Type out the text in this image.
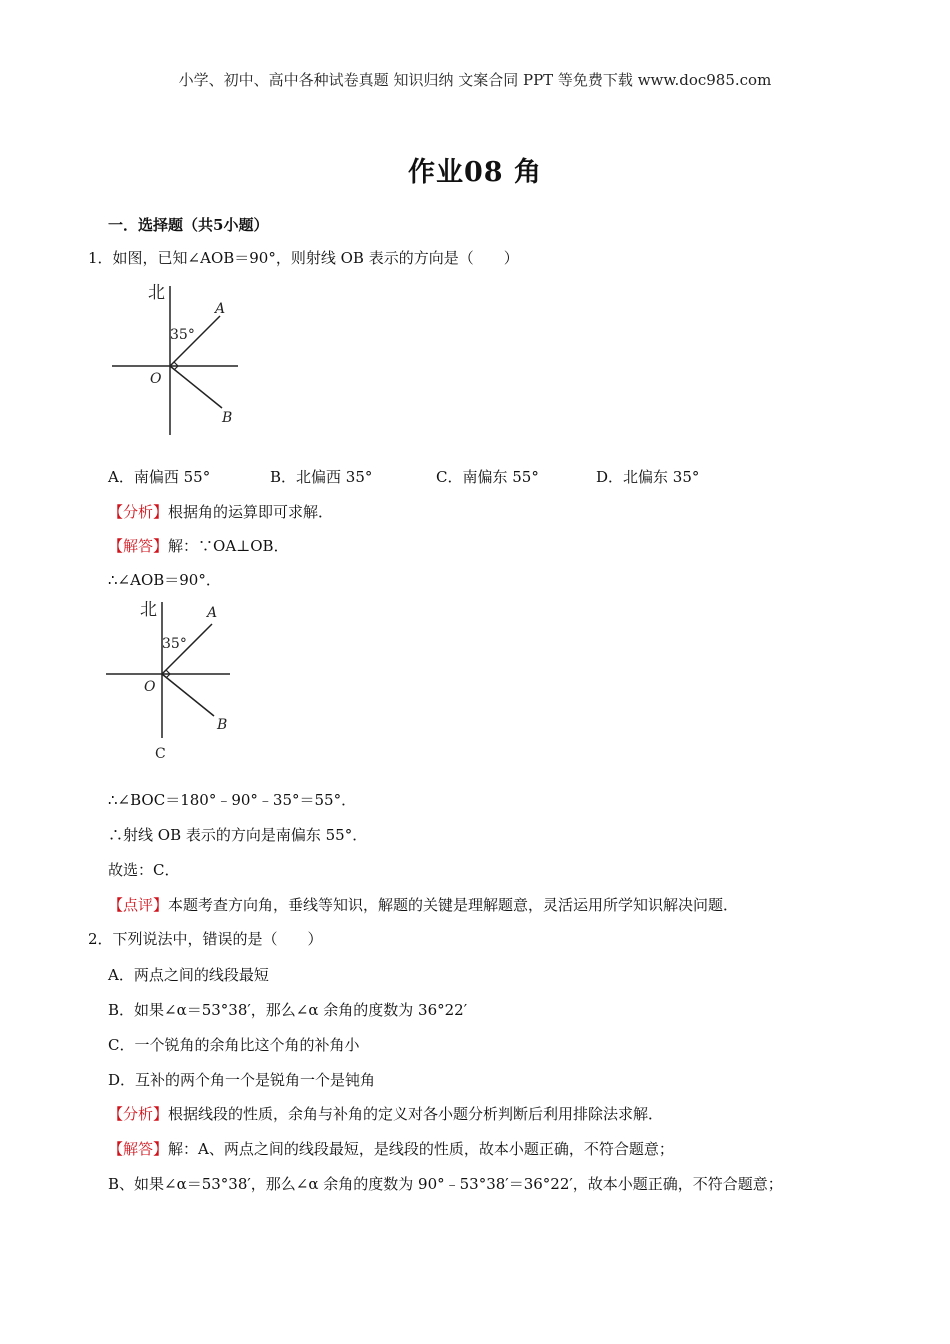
小学、初中、高中各种试卷真题 知识归纳 文案合同 PPT 等免费下载 www.doc985.com
作业08 角
一．选择题（共5小题）
1．如图，已知∠AOB＝90°，则射线 OB 表示的方向是（　　）
北
35°
A
O
B
A．南偏西 55°	B．北偏西 35°	C．南偏东 55°	D．北偏东 35°
【分析】根据角的运算即可求解．
【解答】解：∵OA⊥OB．
∴∠AOB＝90°．
北
35°
A
O
B
C
∴∠BOC＝180°﹣90°﹣35°＝55°．
∴射线 OB 表示的方向是南偏东 55°．
故选：C．
【点评】本题考查方向角，垂线等知识，解题的关键是理解题意，灵活运用所学知识解决问题．
2．下列说法中，错误的是（　　）
A．两点之间的线段最短
B．如果∠α＝53°38′，那么∠α 余角的度数为 36°22′
C．一个锐角的余角比这个角的补角小
D．互补的两个角一个是锐角一个是钝角
【分析】根据线段的性质，余角与补角的定义对各小题分析判断后利用排除法求解．
【解答】解：A、两点之间的线段最短，是线段的性质，故本小题正确，不符合题意；
B、如果∠α＝53°38′，那么∠α 余角的度数为 90°﹣53°38′＝36°22′，故本小题正确，不符合题意；
